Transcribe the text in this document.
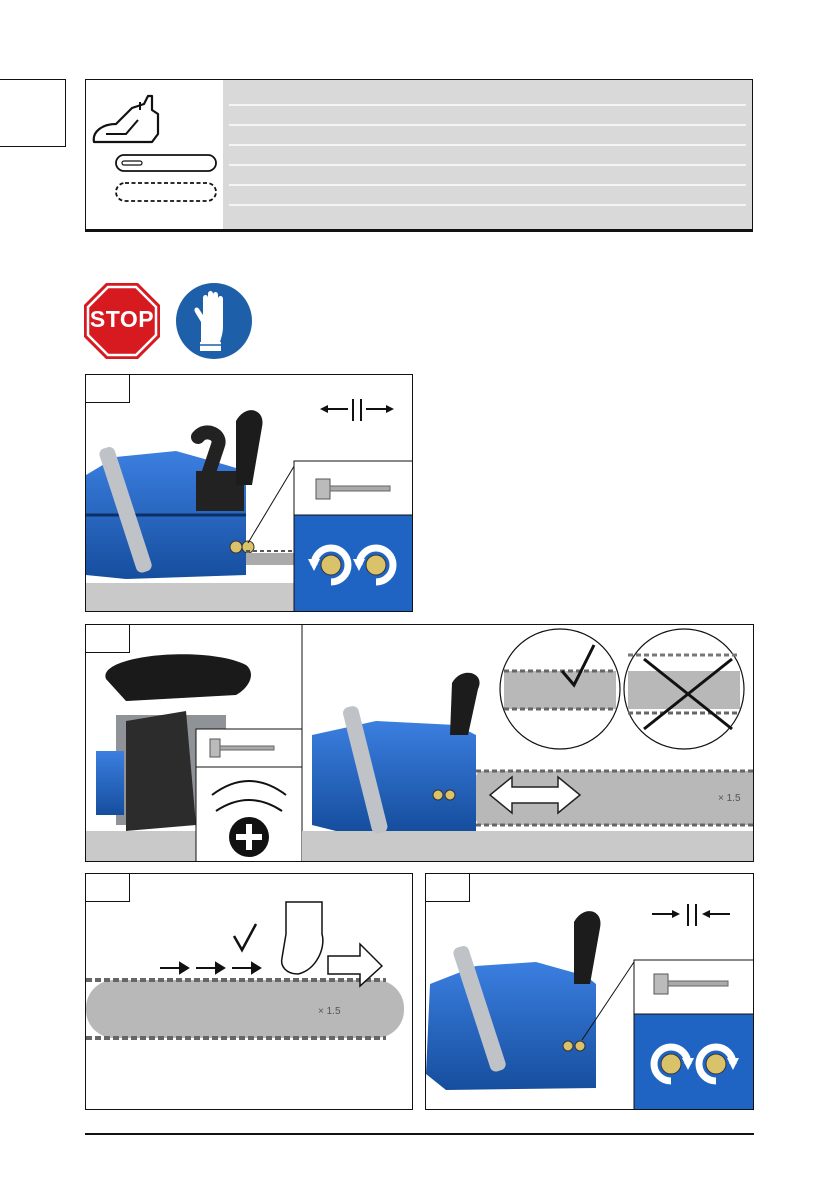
STOP
× 1.5
× 1.5
